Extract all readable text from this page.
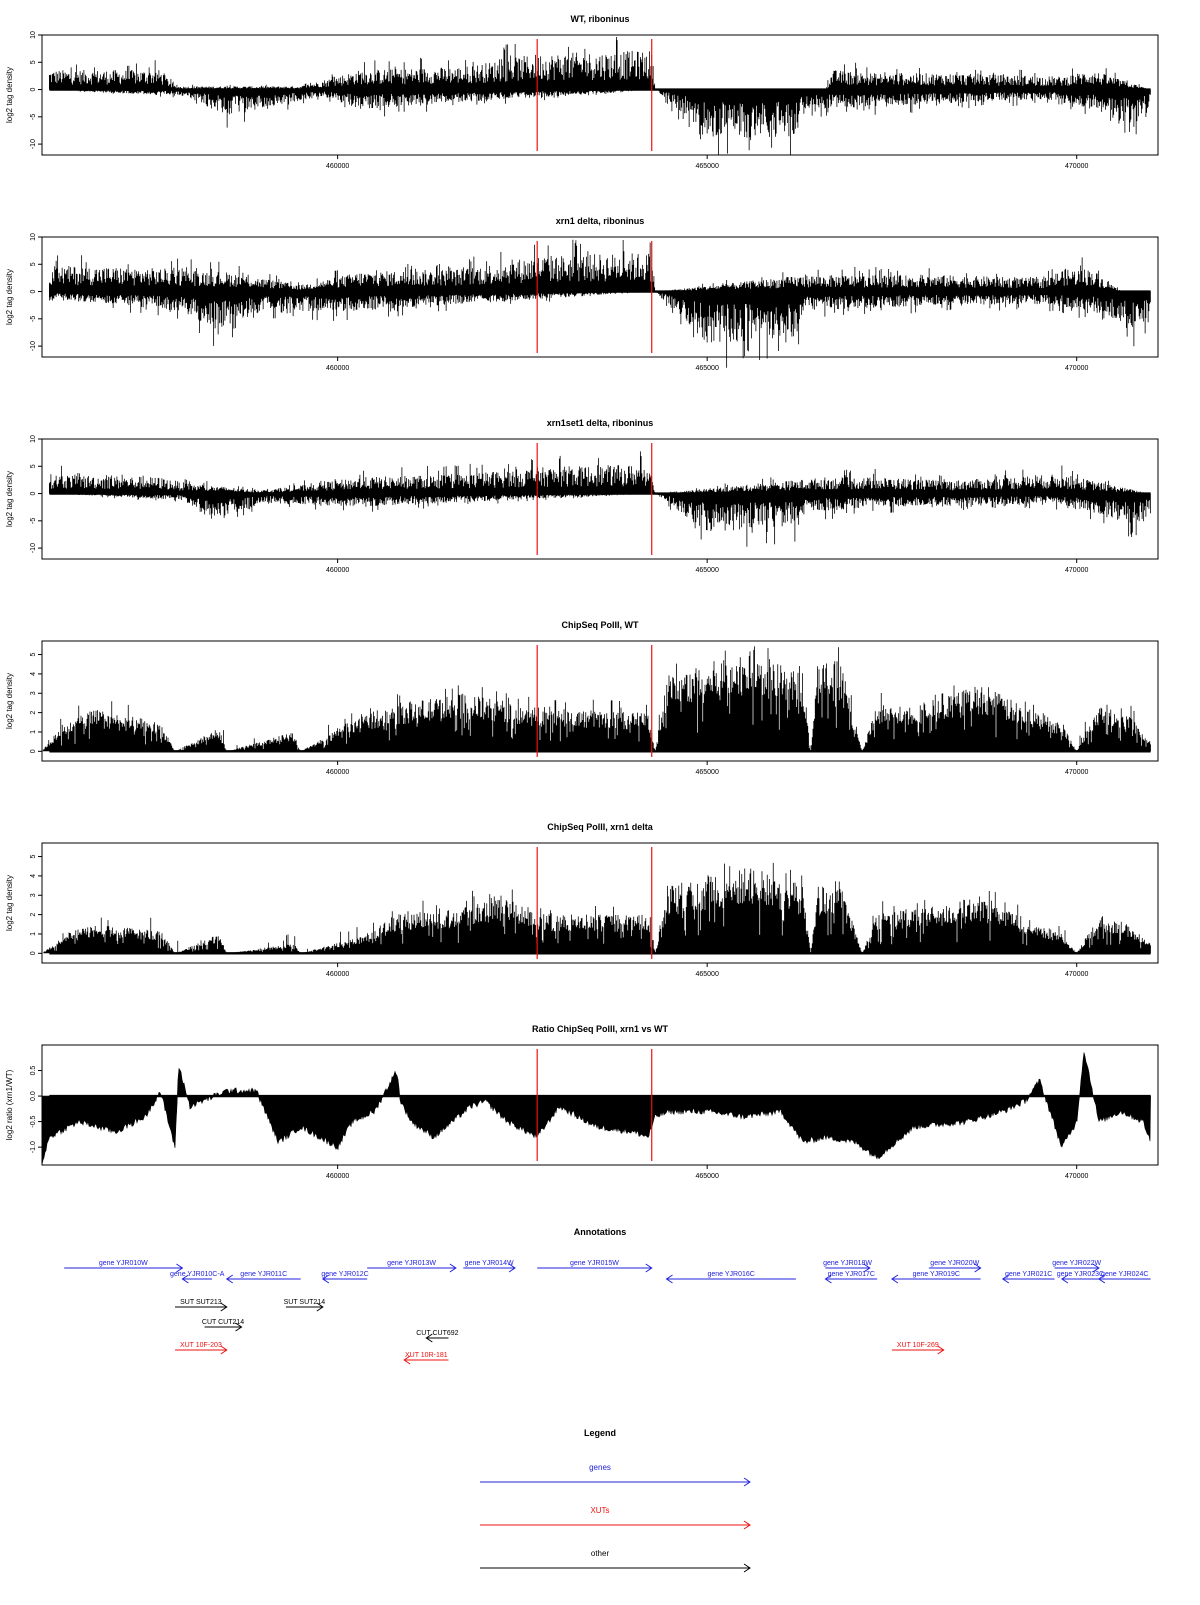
WT, riboninus
10
5
0
-5
-10
log2 tag density
460000	465000	470000
xrn1 delta, riboninus
10
5
0
-5
-10
log2 tag density
460000	465000	470000
xrn1set1 delta, riboninus
10
5
0
-5
-10
log2 tag density
460000	465000	470000
ChipSeq PolII, WT
0
1
2
3
4
5
log2 tag density
460000	465000	470000
ChipSeq PolII, xrn1 delta
0
1
2
3
4
5
log2 tag density
460000	465000	470000
Ratio ChipSeq PolII, xrn1 vs WT
0.5
0.0
-0.5
-1.0
log2 ratio (xrn1/WT)
460000	465000	470000
Annotations
gene YJR010W
gene YJR010C-A gene YJR011C	gene YJR012C
gene YJR013W	gene YJR014W	gene YJR015W
gene YJR016C
gene YJR018W
gene YJR017C	gene YJR019C
gene YJR020W
gene YJR021C
gene YJR022W
gene YJR023C
gene YJR024C
SUT SUT213	SUT SUT214
CUT CUT214
CUT CUT692
XUT 10F-203
XUT 10R-181
XUT 10F-269
Legend
genes
XUTs
other
